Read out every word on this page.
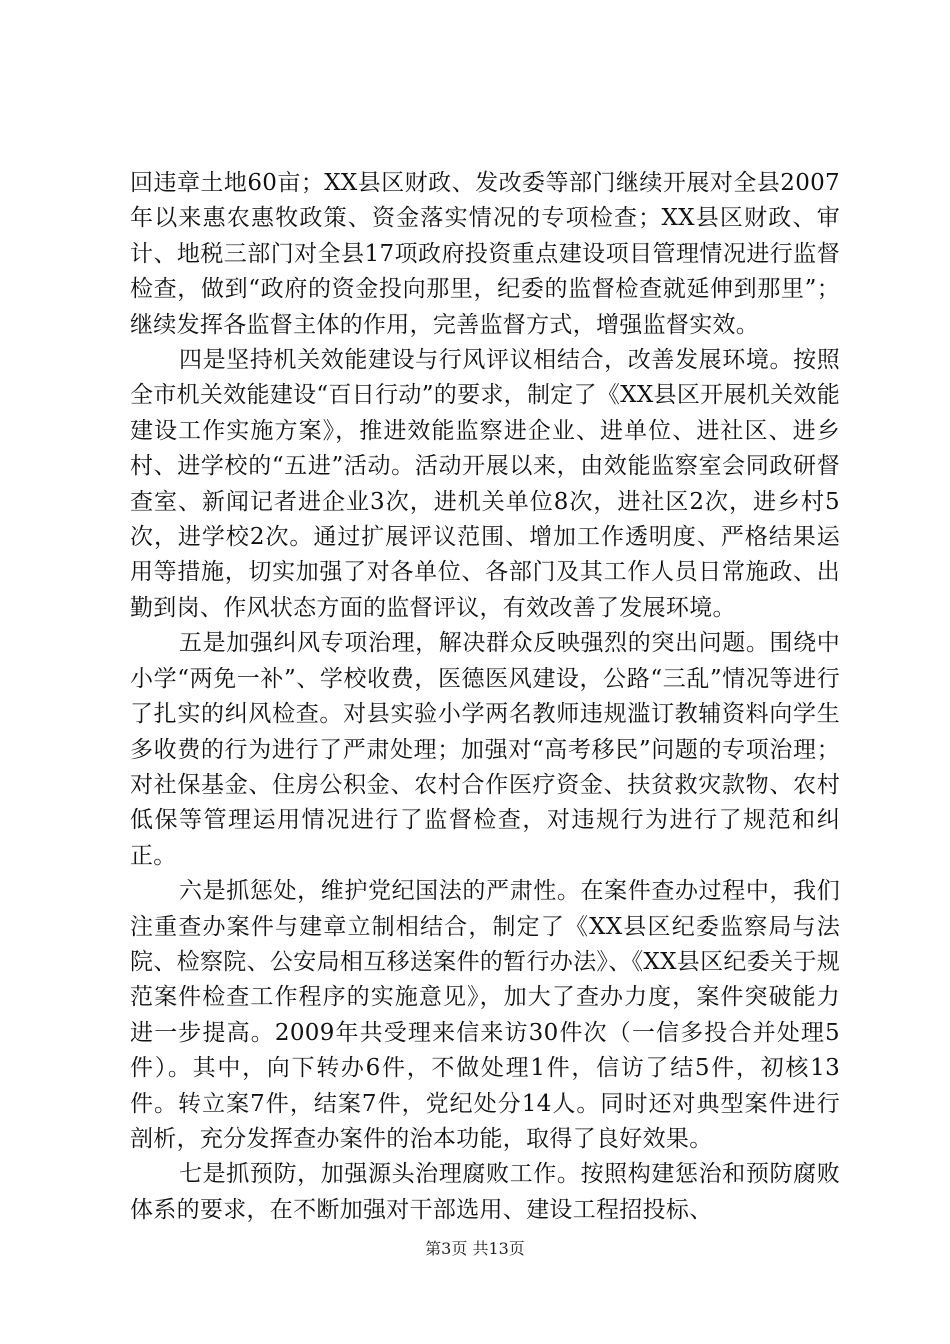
回违章土地60亩；XX县区财政、发改委等部门继续开展对全县2007年以来惠农惠牧政策、资金落实情况的专项检查；XX县区财政、审计、地税三部门对全县17项政府投资重点建设项目管理情况进行监督检查，做到“政府的资金投向那里，纪委的监督检查就延伸到那里”；继续发挥各监督主体的作用，完善监督方式，增强监督实效。

四是坚持机关效能建设与行风评议相结合，改善发展环境。按照全市机关效能建设“百日行动”的要求，制定了《XX县区开展机关效能建设工作实施方案》，推进效能监察进企业、进单位、进社区、进乡村、进学校的“五进”活动。活动开展以来，由效能监察室会同政研督查室、新闻记者进企业3次，进机关单位8次，进社区2次，进乡村5次，进学校2次。通过扩展评议范围、增加工作透明度、严格结果运用等措施，切实加强了对各单位、各部门及其工作人员日常施政、出勤到岗、作风状态方面的监督评议，有效改善了发展环境。

五是加强纠风专项治理，解决群众反映强烈的突出问题。围绕中小学“两免一补”、学校收费，医德医风建设，公路“三乱”情况等进行了扎实的纠风检查。对县实验小学两名教师违规滥订教辅资料向学生多收费的行为进行了严肃处理；加强对“高考移民”问题的专项治理；对社保基金、住房公积金、农村合作医疗资金、扶贫救灾款物、农村低保等管理运用情况进行了监督检查，对违规行为进行了规范和纠正。

六是抓惩处，维护党纪国法的严肃性。在案件查办过程中，我们注重查办案件与建章立制相结合，制定了《XX县区纪委监察局与法院、检察院、公安局相互移送案件的暂行办法》、《XX县区纪委关于规范案件检查工作程序的实施意见》，加大了查办力度，案件突破能力进一步提高。2009年共受理来信来访30件次（一信多投合并处理5件）。其中，向下转办6件，不做处理1件，信访了结5件，初核13件。转立案7件，结案7件，党纪处分14人。同时还对典型案件进行剖析，充分发挥查办案件的治本功能，取得了良好效果。

七是抓预防，加强源头治理腐败工作。按照构建惩治和预防腐败体系的要求，在不断加强对干部选用、建设工程招投标、

第3页 共13页
